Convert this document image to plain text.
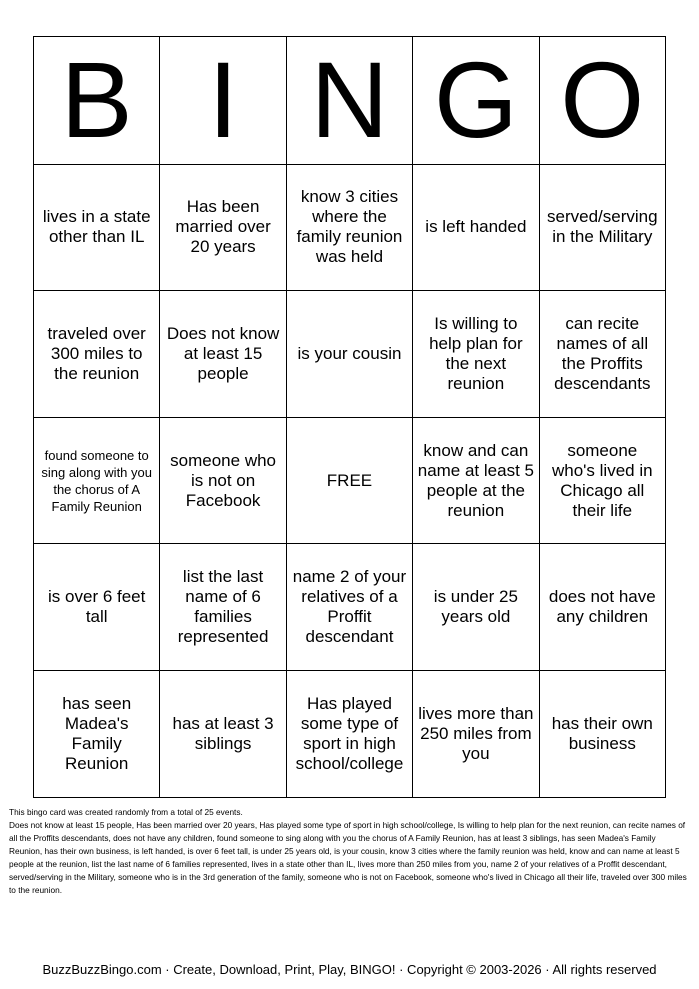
B	I	N	G	O

lives in a state other than IL	Has been married over 20 years	know 3 cities where the family reunion was held	is left handed	served/serving in the Military

traveled over 300 miles to the reunion	Does not know at least 15 people	is your cousin	Is willing to help plan for the next reunion	can recite names of all the Proffits descendants

found someone to sing along with you the chorus of A Family Reunion	someone who is not on Facebook	FREE	know and can name at least 5 people at the reunion	someone who's lived in Chicago all their life

is over 6 feet tall	list the last name of 6 families represented	name 2 of your relatives of a Proffit descendant	is under 25 years old	does not have any children

has seen Madea's Family Reunion	has at least 3 siblings	Has played some type of sport in high school/college	lives more than 250 miles from you	has their own business

This bingo card was created randomly from a total of 25 events.

Does not know at least 15 people, Has been married over 20 years, Has played some type of sport in high school/college, Is willing to help plan for the next reunion, can recite names of all the Proffits descendants, does not have any children, found someone to sing along with you the chorus of A Family Reunion, has at least 3 siblings, has seen Madea's Family Reunion, has their own business, is left handed, is over 6 feet tall, is under 25 years old, is your cousin, know 3 cities where the family reunion was held, know and can name at least 5 people at the reunion, list the last name of 6 families represented, lives in a state other than IL, lives more than 250 miles from you, name 2 of your relatives of a Proffit descendant, served/serving in the Military, someone who is in the 3rd generation of the family, someone who is not on Facebook, someone who's lived in Chicago all their life, traveled over 300 miles to the reunion.

BuzzBuzzBingo.com · Create, Download, Print, Play, BINGO! · Copyright © 2003-2026 · All rights reserved
